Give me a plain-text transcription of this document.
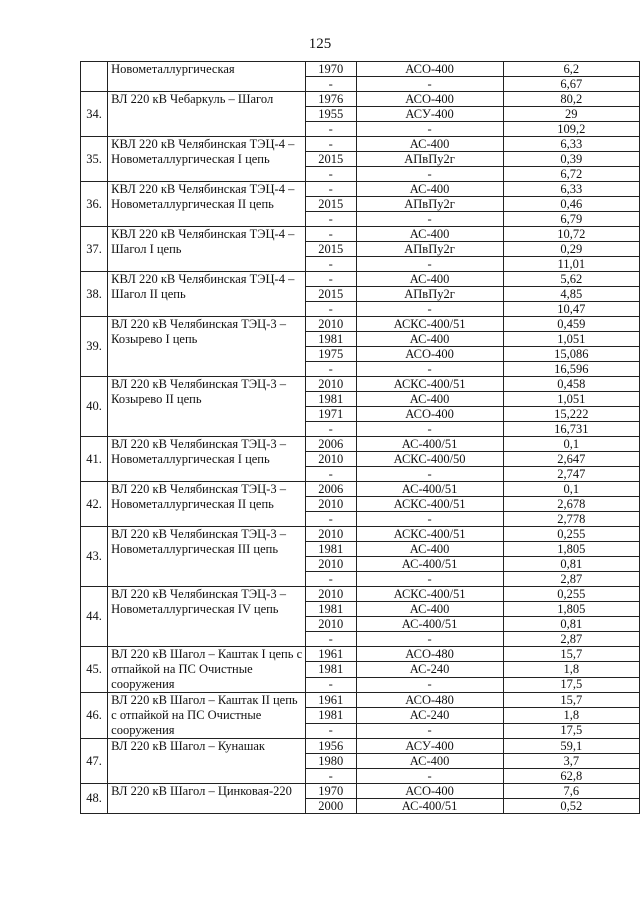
125
	Новометаллургическая	1970	АСО-400	6,2
		-	-	6,67
34.	ВЛ 220 кВ Чебаркуль – Шагол	1976	АСО-400	80,2
		1955	АСУ-400	29
		-	-	109,2
35.	КВЛ 220 кВ Челябинская ТЭЦ-4 – Новометаллургическая I цепь	-	АС-400	6,33
		2015	АПвПу2г	0,39
		-	-	6,72
36.	КВЛ 220 кВ Челябинская ТЭЦ-4 – Новометаллургическая II цепь	-	АС-400	6,33
		2015	АПвПу2г	0,46
		-	-	6,79
37.	КВЛ 220 кВ Челябинская ТЭЦ-4 – Шагол I цепь	-	АС-400	10,72
		2015	АПвПу2г	0,29
		-	-	11,01
38.	КВЛ 220 кВ Челябинская ТЭЦ-4 – Шагол II цепь	-	АС-400	5,62
		2015	АПвПу2г	4,85
		-	-	10,47
39.	ВЛ 220 кВ Челябинская ТЭЦ-3 – Козырево I цепь	2010	АСКС-400/51	0,459
		1981	АС-400	1,051
		1975	АСО-400	15,086
		-	-	16,596
40.	ВЛ 220 кВ Челябинская ТЭЦ-3 – Козырево II цепь	2010	АСКС-400/51	0,458
		1981	АС-400	1,051
		1971	АСО-400	15,222
		-	-	16,731
41.	ВЛ 220 кВ Челябинская ТЭЦ-3 – Новометаллургическая I цепь	2006	АС-400/51	0,1
		2010	АСКС-400/50	2,647
		-	-	2,747
42.	ВЛ 220 кВ Челябинская ТЭЦ-3 – Новометаллургическая II цепь	2006	АС-400/51	0,1
		2010	АСКС-400/51	2,678
		-	-	2,778
43.	ВЛ 220 кВ Челябинская ТЭЦ-3 – Новометаллургическая III цепь	2010	АСКС-400/51	0,255
		1981	АС-400	1,805
		2010	АС-400/51	0,81
		-	-	2,87
44.	ВЛ 220 кВ Челябинская ТЭЦ-3 – Новометаллургическая IV цепь	2010	АСКС-400/51	0,255
		1981	АС-400	1,805
		2010	АС-400/51	0,81
		-	-	2,87
45.	ВЛ 220 кВ Шагол – Каштак I цепь с отпайкой на ПС Очистные сооружения	1961	АСО-480	15,7
		1981	АС-240	1,8
		-	-	17,5
46.	ВЛ 220 кВ Шагол – Каштак II цепь с отпайкой на ПС Очистные сооружения	1961	АСО-480	15,7
		1981	АС-240	1,8
		-	-	17,5
47.	ВЛ 220 кВ Шагол – Кунашак	1956	АСУ-400	59,1
		1980	АС-400	3,7
		-	-	62,8
48.	ВЛ 220 кВ Шагол – Цинковая-220	1970	АСО-400	7,6
		2000	АС-400/51	0,52
